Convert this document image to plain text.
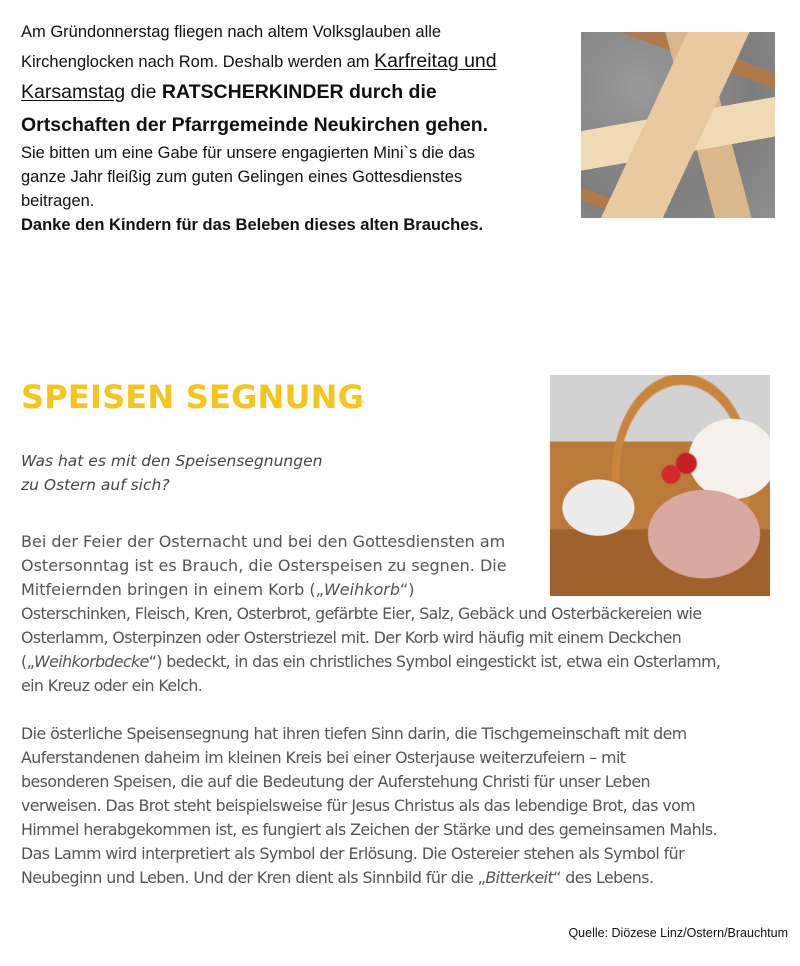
Am Gründonnerstag fliegen nach altem Volksglauben alle
Kirchenglocken nach Rom. Deshalb werden am Karfreitag und
Karsamstag die RATSCHERKINDER durch die
Ortschaften der Pfarrgemeinde Neukirchen gehen.
Sie bitten um eine Gabe für unsere engagierten Mini`s die das
ganze Jahr fleißig zum guten Gelingen eines Gottesdienstes
beitragen.
Danke den Kindern für das Beleben dieses alten Brauches.
SPEISEN SEGNUNG
Was hat es mit den Speisensegnungen
zu Ostern auf sich?
Bei der Feier der Osternacht und bei den Gottesdiensten am
Ostersonntag ist es Brauch, die Osterspeisen zu segnen. Die
Mitfeiernden bringen in einem Korb („Weihkorb“)
Osterschinken, Fleisch, Kren, Osterbrot, gefärbte Eier, Salz, Gebäck und Osterbäckereien wie
Osterlamm, Osterpinzen oder Osterstriezel mit. Der Korb wird häufig mit einem Deckchen
(„Weihkorbdecke“) bedeckt, in das ein christliches Symbol eingestickt ist, etwa ein Osterlamm,
ein Kreuz oder ein Kelch.
Die österliche Speisensegnung hat ihren tiefen Sinn darin, die Tischgemeinschaft mit dem
Auferstandenen daheim im kleinen Kreis bei einer Osterjause weiterzufeiern – mit
besonderen Speisen, die auf die Bedeutung der Auferstehung Christi für unser Leben
verweisen. Das Brot steht beispielsweise für Jesus Christus als das lebendige Brot, das vom
Himmel herabgekommen ist, es fungiert als Zeichen der Stärke und des gemeinsamen Mahls.
Das Lamm wird interpretiert als Symbol der Erlösung. Die Ostereier stehen als Symbol für
Neubeginn und Leben. Und der Kren dient als Sinnbild für die „Bitterkeit“ des Lebens.
Quelle: Diözese Linz/Ostern/Brauchtum
